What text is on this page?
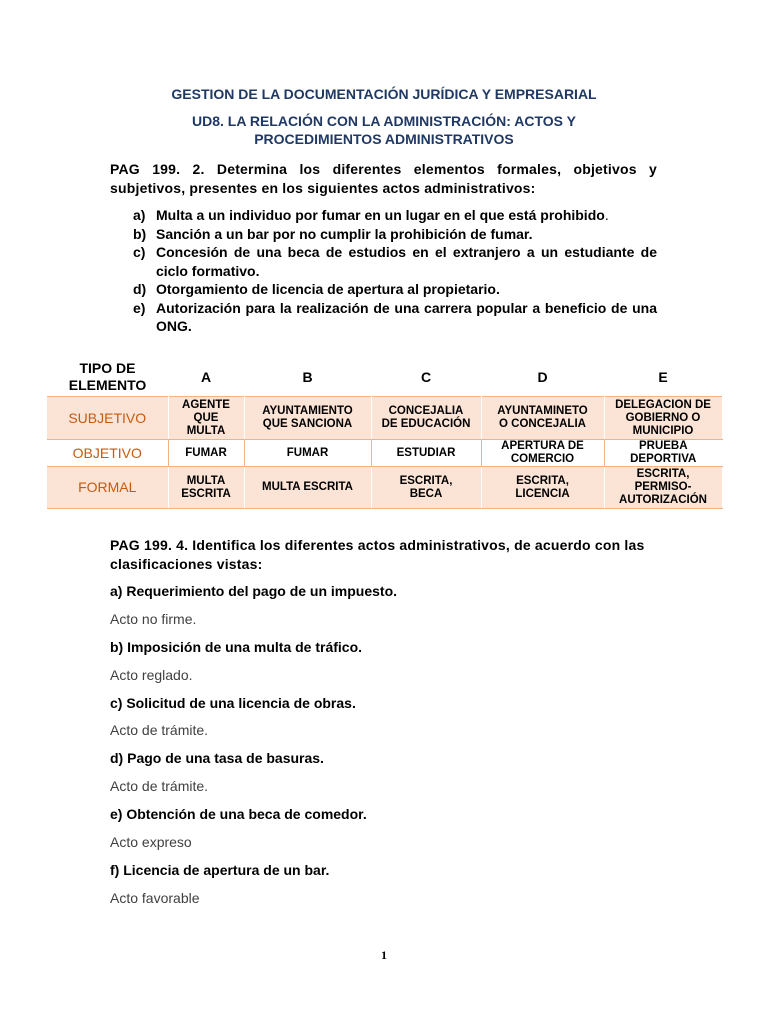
GESTION DE LA DOCUMENTACIÓN JURÍDICA Y EMPRESARIAL
UD8. LA RELACIÓN CON LA ADMINISTRACIÓN: ACTOS Y
PROCEDIMIENTOS ADMINISTRATIVOS
PAG 199. 2. Determina los diferentes elementos formales, objetivos y subjetivos, presentes en los siguientes actos administrativos:
a) Multa a un individuo por fumar en un lugar en el que está prohibido.
b) Sanción a un bar por no cumplir la prohibición de fumar.
c) Concesión de una beca de estudios en el extranjero a un estudiante de ciclo formativo.
d) Otorgamiento de licencia de apertura al propietario.
e) Autorización para la realización de una carrera popular a beneficio de una ONG.
TIPO DE ELEMENTO	A	B	C	D	E
SUBJETIVO	AGENTE QUE MULTA	AYUNTAMIENTO QUE SANCIONA	CONCEJALIA DE EDUCACIÓN	AYUNTAMINETO O CONCEJALIA	DELEGACION DE GOBIERNO O MUNICIPIO
OBJETIVO	FUMAR	FUMAR	ESTUDIAR	APERTURA DE COMERCIO	PRUEBA DEPORTIVA
FORMAL	MULTA ESCRITA	MULTA ESCRITA	ESCRITA, BECA	ESCRITA, LICENCIA	ESCRITA, PERMISO-AUTORIZACIÓN
PAG 199. 4. Identifica los diferentes actos administrativos, de acuerdo con las clasificaciones vistas:
a) Requerimiento del pago de un impuesto.
Acto no firme.
b) Imposición de una multa de tráfico.
Acto reglado.
c) Solicitud de una licencia de obras.
Acto de trámite.
d) Pago de una tasa de basuras.
Acto de trámite.
e) Obtención de una beca de comedor.
Acto expreso
f) Licencia de apertura de un bar.
Acto favorable
1
